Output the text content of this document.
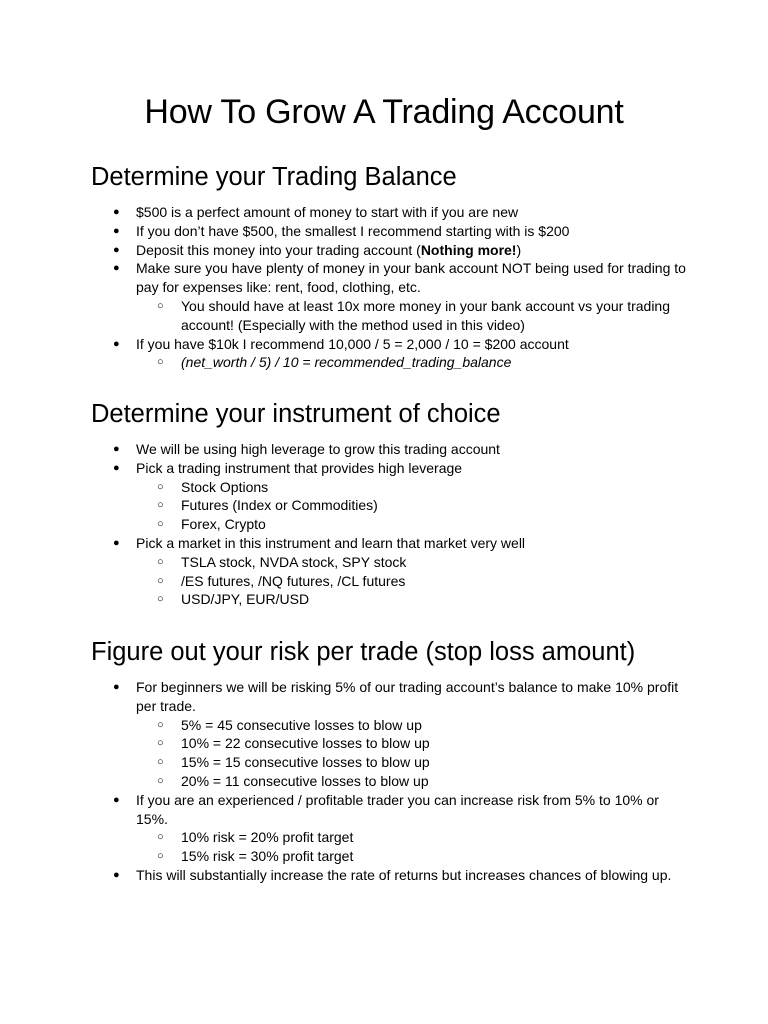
How To Grow A Trading Account
Determine your Trading Balance
●	$500 is a perfect amount of money to start with if you are new
●	If you don’t have $500, the smallest I recommend starting with is $200
●	Deposit this money into your trading account (Nothing more!)
●	Make sure you have plenty of money in your bank account NOT being used for trading to pay for expenses like: rent, food, clothing, etc.
○	You should have at least 10x more money in your bank account vs your trading account! (Especially with the method used in this video)
●	If you have $10k I recommend 10,000 / 5 = 2,000 / 10 = $200 account
○	(net_worth / 5) / 10 = recommended_trading_balance
Determine your instrument of choice
●	We will be using high leverage to grow this trading account
●	Pick a trading instrument that provides high leverage
○	Stock Options
○	Futures (Index or Commodities)
○	Forex, Crypto
●	Pick a market in this instrument and learn that market very well
○	TSLA stock, NVDA stock, SPY stock
○	/ES futures, /NQ futures, /CL futures
○	USD/JPY, EUR/USD
Figure out your risk per trade (stop loss amount)
●	For beginners we will be risking 5% of our trading account’s balance to make 10% profit per trade.
○	5% = 45 consecutive losses to blow up
○	10% = 22 consecutive losses to blow up
○	15% = 15 consecutive losses to blow up
○	20% = 11 consecutive losses to blow up
●	If you are an experienced / profitable trader you can increase risk from 5% to 10% or 15%.
○	10% risk = 20% profit target
○	15% risk = 30% profit target
●	This will substantially increase the rate of returns but increases chances of blowing up.
